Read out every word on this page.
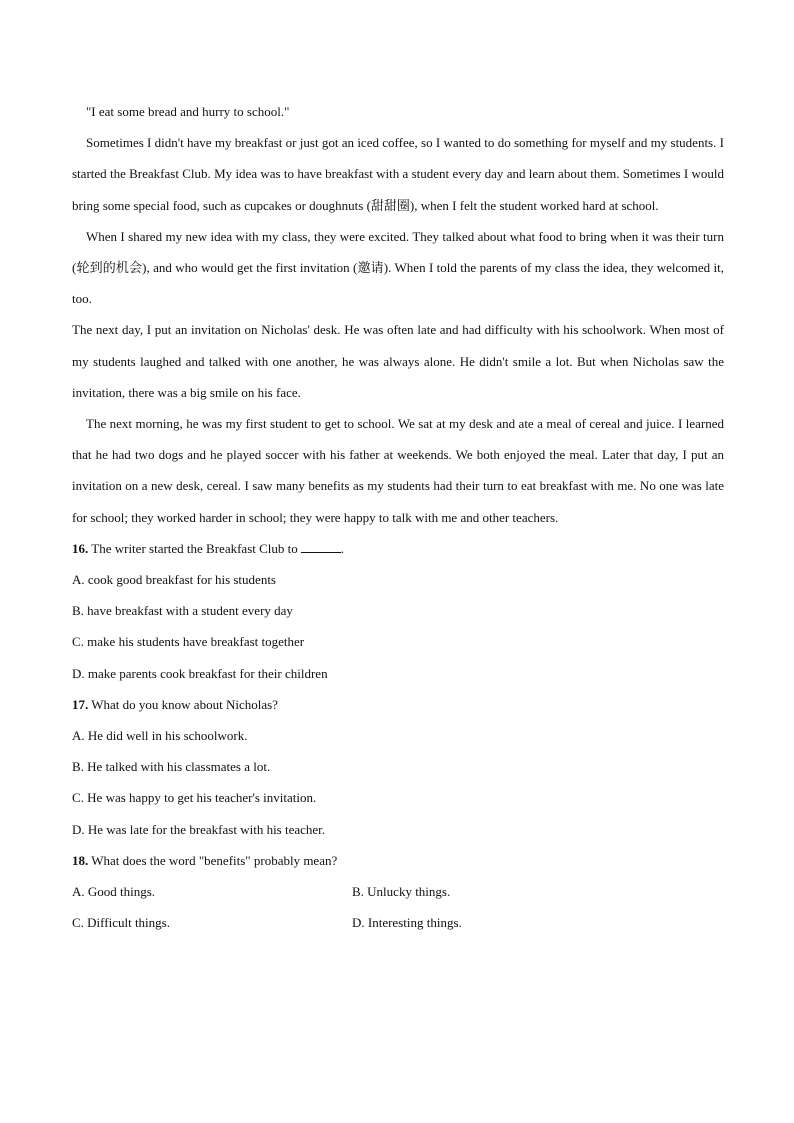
"I eat some bread and hurry to school."

Sometimes I didn't have my breakfast or just got an iced coffee, so I wanted to do something for myself and my students. I started the Breakfast Club. My idea was to have breakfast with a student every day and learn about them. Sometimes I would bring some special food, such as cupcakes or doughnuts (甜甜圈), when I felt the student worked hard at school.

When I shared my new idea with my class, they were excited. They talked about what food to bring when it was their turn (轮到的机会), and who would get the first invitation (邀请). When I told the parents of my class the idea, they welcomed it, too.

The next day, I put an invitation on Nicholas' desk. He was often late and had difficulty with his schoolwork. When most of my students laughed and talked with one another, he was always alone. He didn't smile a lot. But when Nicholas saw the invitation, there was a big smile on his face.

The next morning, he was my first student to get to school. We sat at my desk and ate a meal of cereal and juice. I learned that he had two dogs and he played soccer with his father at weekends. We both enjoyed the meal. Later that day, I put an invitation on a new desk, cereal. I saw many benefits as my students had their turn to eat breakfast with me. No one was late for school; they worked harder in school; they were happy to talk with me and other teachers.

16. The writer started the Breakfast Club to	.

A. cook good breakfast for his students

B. have breakfast with a student every day

C. make his students have breakfast together

D. make parents cook breakfast for their children

17. What do you know about Nicholas?

A. He did well in his schoolwork.

B. He talked with his classmates a lot.

C. He was happy to get his teacher's invitation.

D. He was late for the breakfast with his teacher.

18. What does the word "benefits" probably mean?

A. Good things.	B. Unlucky things.

C. Difficult things.	D. Interesting things.
